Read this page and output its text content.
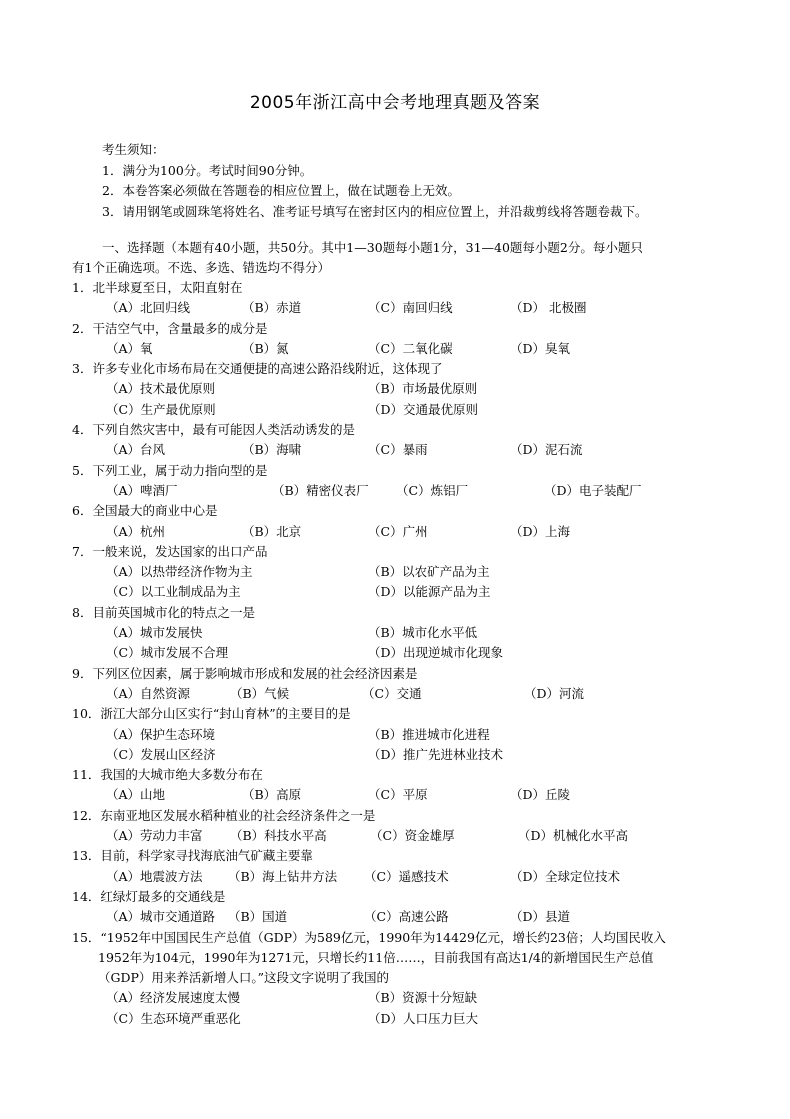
2005年浙江高中会考地理真题及答案
考生须知：
1．满分为100分。考试时间90分钟。
2．本卷答案必须做在答题卷的相应位置上，做在试题卷上无效。
3．请用钢笔或圆珠笔将姓名、准考证号填写在密封区内的相应位置上，并沿裁剪线将答题卷裁下。
一、选择题（本题有40小题，共50分。其中1—30题每小题1分，31—40题每小题2分。每小题只
有1个正确选项。不选、多选、错选均不得分）
1．北半球夏至日，太阳直射在
（A）北回归线	（B）赤道	（C）南回归线	（D） 北极圈
2．干洁空气中，含量最多的成分是
（A）氧	（B）氮	（C）二氧化碳	（D）臭氧
3．许多专业化市场布局在交通便捷的高速公路沿线附近，这体现了
（A）技术最优原则	（B）市场最优原则
（C）生产最优原则	（D）交通最优原则
4．下列自然灾害中，最有可能因人类活动诱发的是
（A）台风	（B）海啸	（C）暴雨	（D）泥石流
5．下列工业，属于动力指向型的是
（A）啤酒厂	（B）精密仪表厂 （C）炼铝厂	（D）电子装配厂
6．全国最大的商业中心是
（A）杭州	（B）北京	（C）广州	（D）上海
7．一般来说，发达国家的出口产品
（A）以热带经济作物为主	（B）以农矿产品为主
（C）以工业制成品为主	（D）以能源产品为主
8．目前英国城市化的特点之一是
（A）城市发展快	（B）城市化水平低
（C）城市发展不合理	（D）出现逆城市化现象
9．下列区位因素，属于影响城市形成和发展的社会经济因素是
（A）自然资源	（B）气候	（C）交通	（D）河流
10．浙江大部分山区实行“封山育林”的主要目的是
（A）保护生态环境	（B）推进城市化进程
（C）发展山区经济	（D）推广先进林业技术
11．我国的大城市绝大多数分布在
（A）山地	（B）高原	（C）平原	（D）丘陵
12．东南亚地区发展水稻种植业的社会经济条件之一是
（A）劳动力丰富 （B）科技水平高	（C）资金雄厚	（D）机械化水平高
13．目前，科学家寻找海底油气矿藏主要靠
（A）地震波方法 （B）海上钻井方法 （C）遥感技术	（D）全球定位技术
14．红绿灯最多的交通线是
（A）城市交通道路 （B）国道	（C）高速公路	（D）县道
15．“1952年中国国民生产总值（GDP）为589亿元，1990年为14429亿元，增长约23倍；人均国民收入
1952年为104元，1990年为1271元，只增长约11倍……，目前我国有高达1/4的新增国民生产总值
（GDP）用来养活新增人口。”这段文字说明了我国的
（A）经济发展速度太慢	（B）资源十分短缺
（C）生态环境严重恶化	（D）人口压力巨大
